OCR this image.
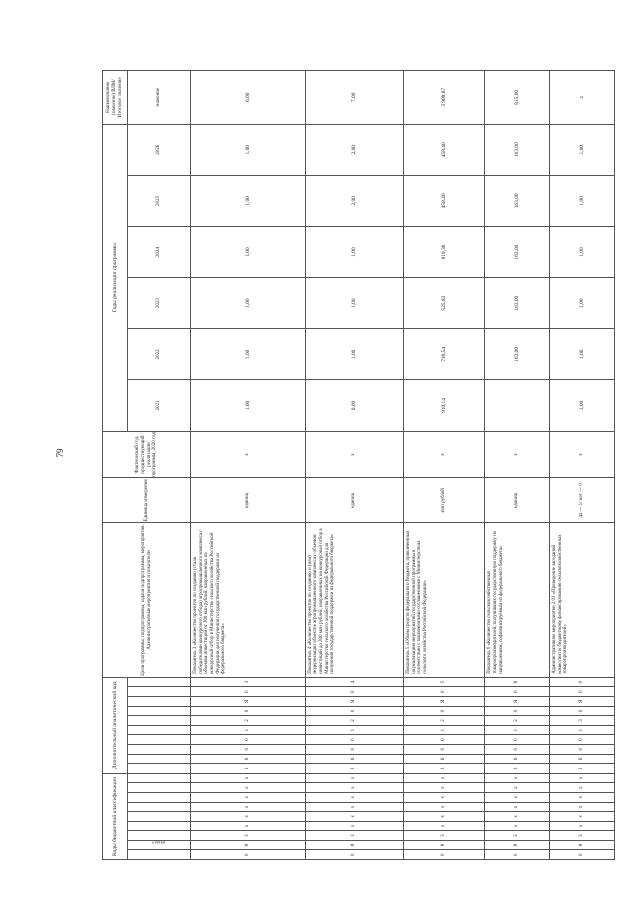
79
Коды бюджетной классификации									Дополнительный аналитический код										Цели программы, подпрограммы, задачи подпрограммы, мероприятия. Административные мероприятия и показатели	Единица измерения	Фактический год, предшествующий реализации программы, 2020 год	Годы реализации программы						Наименование (значение) ВЛМ/Итоговое значение
	раздел																					2021	2022	2023	2024	2025	2026	значение
0	8	3	x	x	x	x	x	x	1	6	0	0	1	2	0	Я	0	3	Показатель 3 «Количество проектов по созданию (стали победителями конкурсного отбора) агропромышленного комплекса с объемом инвестиций от 300 млн рублей, направленных на конкурсный отбор в Министерство сельского хозяйства Российской Федерации для получения государственной поддержки из федерального бюджета»	единиц	x	1,00	1,00	1,00	1,00	1,00	1,00	6,00
0	8	3	x	x	x	x	x	x	1	6	0	0	1	2	0	Я	0	4	Показатель 4 «Количество проектов по созданию и (или) модернизации объектов агропромышленного комплекса с объемом инвестиций до 300 млн рублей, направленных на конкурсный отбор в Министерство сельского хозяйства Российской Федерации для получения государственной поддержки из федерального бюджета»	единиц	x	0,00	1,00	1,00	1,00	2,00	2,00	7,00
0	8	3	x	x	x	x	x	x	1	6	0	0	1	2	0	Я	0	5	Показатель 5 «Объем средств федерального бюджета, привлеченных на реализацию мероприятий государственной программы в соответствии с заключенными соглашениями с Министерством сельского хозяйства Российской Федерации»	млн рублей	x	910,14	736,54	525,83	819,36	458,40	458,40	3 908,87
0	8	3	x	x	x	x	x	x	1	6	0	0	1	2	0	Я	0	6	Показатель 6 «Количество сельскохозяйственных товаропроизводителей, получивших государственную поддержку по направлениям, софинансируемым из федерального бюджета»	единиц	x		163,00	163,00	163,00	163,00	163,00	815,00
0	8	3	x	x	x	x	x	x	1	6	0	0	1	3	0	Я	0	0	Административное мероприятие 2.01 «Проведение заседаний комиссии по бюджетному финансированию сельскохозяйственных товаропроизводителей»	да — 1/ нет — 0	x	1,00	1,00	1,00	1,00	1,00	1,00	x
